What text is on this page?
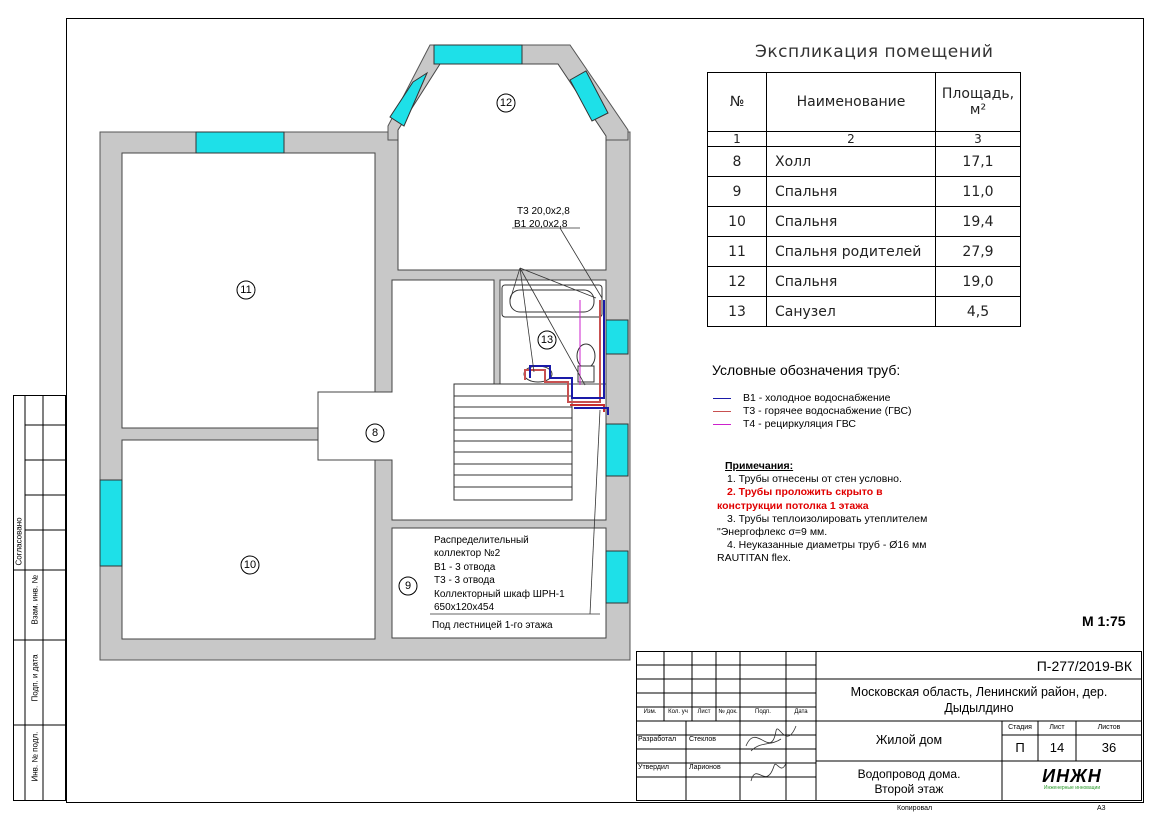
12
11
8
13
10
9
Т3 20,0х2,8
В1 20,0х2,8
Распределительный
коллектор №2
В1 - 3 отвода
Т3 - 3 отвода
Коллекторный шкаф ШРН-1
650х120х454
Под лестницей 1-го этажа
Экспликация помещений
№	Наименование	Площадь, м²
1	2	3
8	Холл	17,1
9	Спальня	11,0
10	Спальня	19,4
11	Спальня родителей	27,9
12	Спальня	19,0
13	Санузел	4,5
Условные обозначения труб:
В1 - холодное водоснабжение
Т3 - горячее водоснабжение (ГВС)
Т4 - рециркуляция ГВС
Примечания:
1. Трубы отнесены от стен условно.
2. Трубы проложить скрыто в
конструкции потолка 1 этажа
3. Трубы теплоизолировать утеплителем
"Энергофлекс σ=9 мм.
4. Неуказанные диаметры труб - Ø16 мм
RAUTITAN flex.
М 1:75
Согласовано
Взам. инв. №
Подп. и дата
Инв. № подл.
П-277/2019-ВК
Московская область, Ленинский район, дер.
Дыдылдино
Жилой дом
Водопровод дома.
Второй этаж
Стадия	Лист	Листов
П	14	36
ИНЖН
Инженерные инновации
Изм.	Кол. уч	Лист	№ док.	Подп.	Дата
Разработал Стеклов
Утвердил	Ларионов
Копировал	А3
